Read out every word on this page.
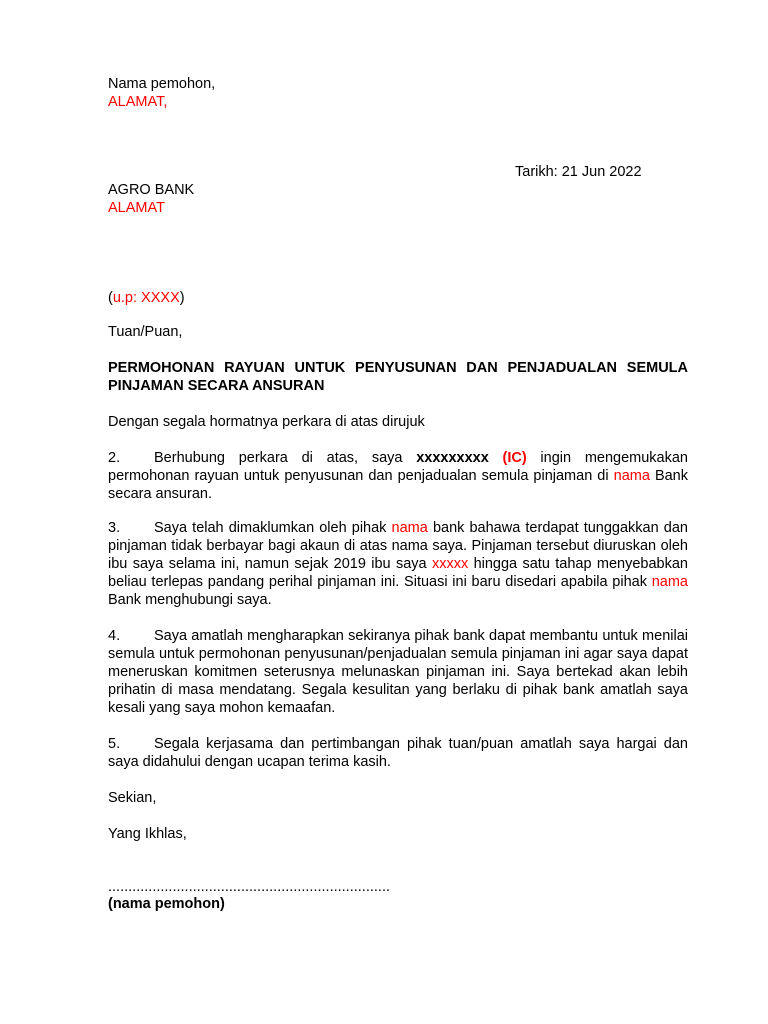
Nama pemohon,
ALAMAT,
Tarikh: 21 Jun 2022
AGRO BANK
ALAMAT
(u.p: XXXX)
Tuan/Puan,
PERMOHONAN RAYUAN UNTUK PENYUSUNAN DAN PENJADUALAN SEMULA PINJAMAN SECARA ANSURAN
Dengan segala hormatnya perkara di atas dirujuk
2. Berhubung perkara di atas, saya xxxxxxxxx (IC) ingin mengemukakan permohonan rayuan untuk penyusunan dan penjadualan semula pinjaman di nama Bank secara ansuran.
3. Saya telah dimaklumkan oleh pihak nama bank bahawa terdapat tunggakkan dan pinjaman tidak berbayar bagi akaun di atas nama saya. Pinjaman tersebut diuruskan oleh ibu saya selama ini, namun sejak 2019 ibu saya xxxxx hingga satu tahap menyebabkan beliau terlepas pandang perihal pinjaman ini. Situasi ini baru disedari apabila pihak nama Bank menghubungi saya.
4. Saya amatlah mengharapkan sekiranya pihak bank dapat membantu untuk menilai semula untuk permohonan penyusunan/penjadualan semula pinjaman ini agar saya dapat meneruskan komitmen seterusnya melunaskan pinjaman ini. Saya bertekad akan lebih prihatin di masa mendatang. Segala kesulitan yang berlaku di pihak bank amatlah saya kesali yang saya mohon kemaafan.
5. Segala kerjasama dan pertimbangan pihak tuan/puan amatlah saya hargai dan saya didahului dengan ucapan terima kasih.
Sekian,
Yang Ikhlas,
......................................................................
(nama pemohon)
